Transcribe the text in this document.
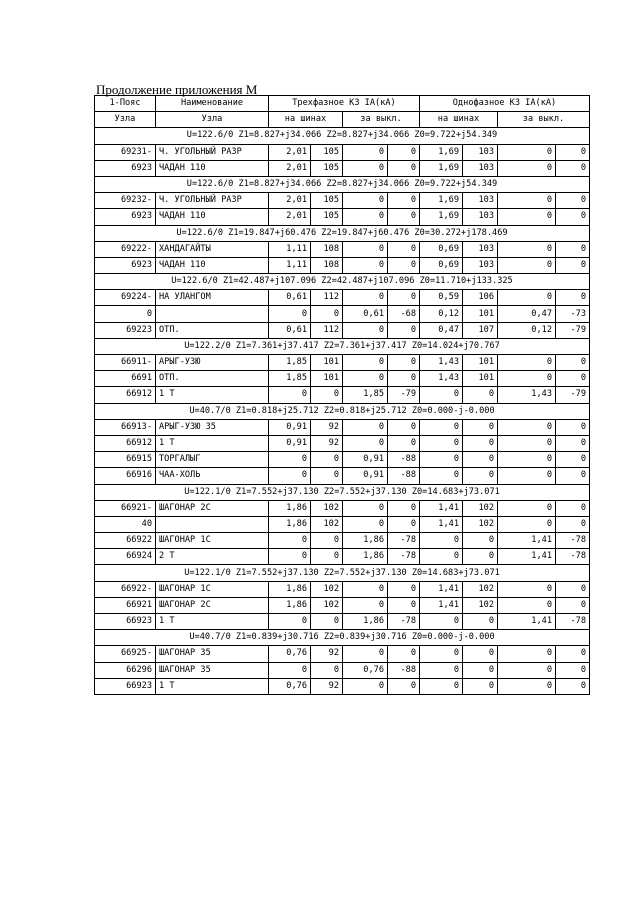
Продолжение приложения М
1-Пояс	Наименование	Трехфазное КЗ IA(кА)				Однофазное КЗ IA(кА)			
Узла	Узла	на шинах		за выкл.		на шинах		за выкл.	
U=122.6/0 Z1=8.827+j34.066 Z2=8.827+j34.066 Z0=9.722+j54.349									
69231-	Ч. УГОЛЬНЫЙ РАЗР	2,01	105	0	0	1,69	103	0	0
6923	ЧАДАН 110	2,01	105	0	0	1,69	103	0	0
U=122.6/0 Z1=8.827+j34.066 Z2=8.827+j34.066 Z0=9.722+j54.349									
69232-	Ч. УГОЛЬНЫЙ РАЗР	2,01	105	0	0	1,69	103	0	0
6923	ЧАДАН 110	2,01	105	0	0	1,69	103	0	0
U=122.6/0 Z1=19.847+j60.476 Z2=19.847+j60.476 Z0=30.272+j178.469									
69222-	ХАНДАГАЙТЫ	1,11	108	0	0	0,69	103	0	0
6923	ЧАДАН 110	1,11	108	0	0	0,69	103	0	0
U=122.6/0 Z1=42.487+j107.096 Z2=42.487+j107.096 Z0=11.710+j133.325									
69224-	НА УЛАНГОМ	0,61	112	0	0	0,59	106	0	0
0		0	0	0,61	-68	0,12	101	0,47	-73
69223	ОТП.	0,61	112	0	0	0,47	107	0,12	-79
U=122.2/0 Z1=7.361+j37.417 Z2=7.361+j37.417 Z0=14.024+j70.767									
66911-	АРЫГ-УЗЮ	1,85	101	0	0	1,43	101	0	0
6691	ОТП.	1,85	101	0	0	1,43	101	0	0
66912	1 Т	0	0	1,85	-79	0	0	1,43	-79
U=40.7/0 Z1=0.818+j25.712 Z2=0.818+j25.712 Z0=0.000-j-0.000									
66913-	АРЫГ-УЗЮ 35	0,91	92	0	0	0	0	0	0
66912	1 Т	0,91	92	0	0	0	0	0	0
66915	ТОРГАЛЫГ	0	0	0,91	-88	0	0	0	0
66916	ЧАА-ХОЛЬ	0	0	0,91	-88	0	0	0	0
U=122.1/0 Z1=7.552+j37.130 Z2=7.552+j37.130 Z0=14.683+j73.071									
66921-	ШАГОНАР 2С	1,86	102	0	0	1,41	102	0	0
40		1,86	102	0	0	1,41	102	0	0
66922	ШАГОНАР 1С	0	0	1,86	-78	0	0	1,41	-78
66924	2 Т	0	0	1,86	-78	0	0	1,41	-78
U=122.1/0 Z1=7.552+j37.130 Z2=7.552+j37.130 Z0=14.683+j73.071									
66922-	ШАГОНАР 1С	1,86	102	0	0	1,41	102	0	0
66921	ШАГОНАР 2С	1,86	102	0	0	1,41	102	0	0
66923	1 Т	0	0	1,86	-78	0	0	1,41	-78
U=40.7/0 Z1=0.839+j30.716 Z2=0.839+j30.716 Z0=0.000-j-0.000									
66925-	ШАГОНАР 35	0,76	92	0	0	0	0	0	0
66296	ШАГОНАР 35	0	0	0,76	-88	0	0	0	0
66923	1 Т	0,76	92	0	0	0	0	0	0
